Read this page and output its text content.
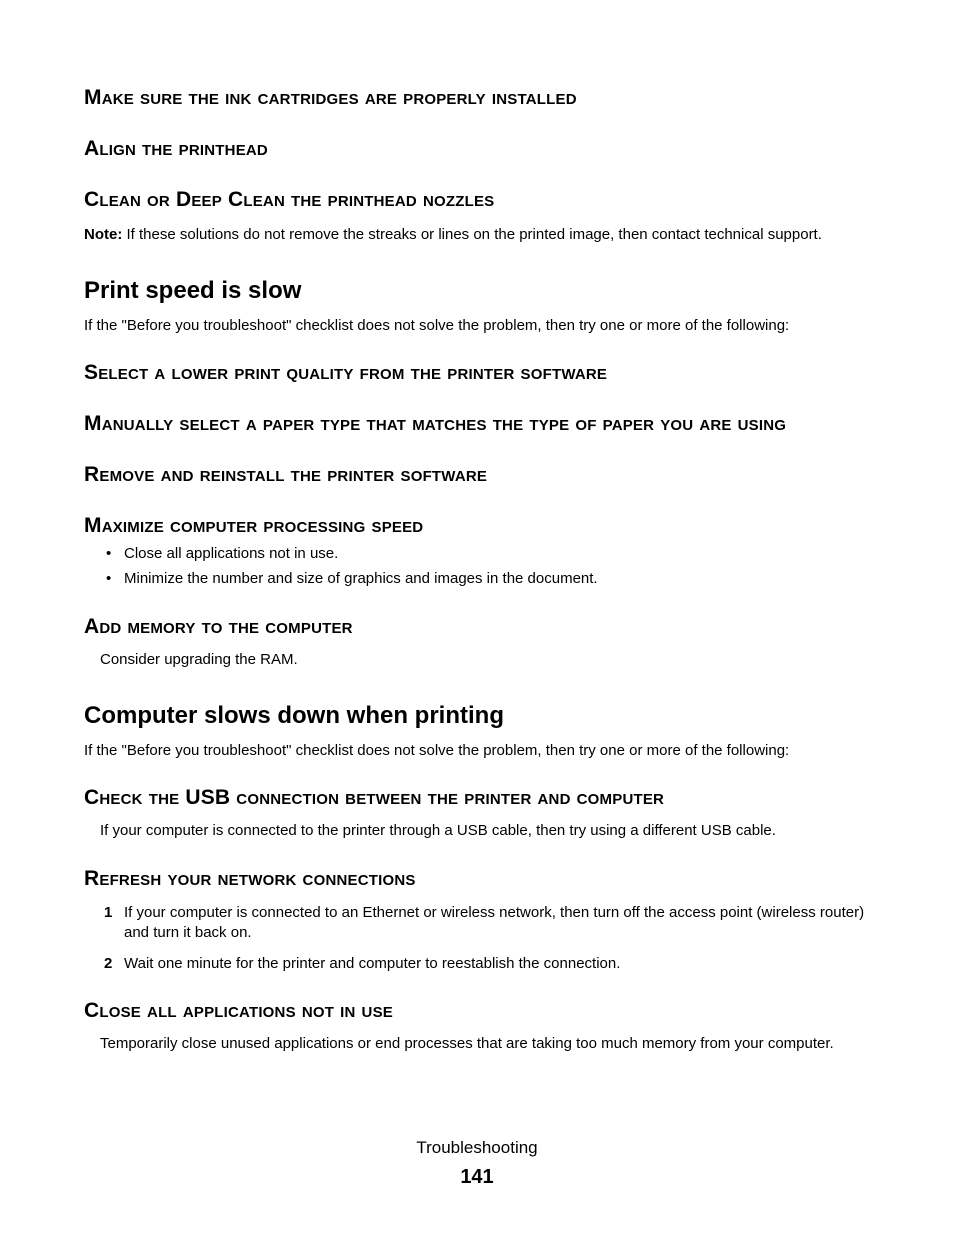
Make sure the ink cartridges are properly installed
Align the printhead
Clean or Deep Clean the printhead nozzles

Note: If these solutions do not remove the streaks or lines on the printed image, then contact technical support.

Print speed is slow

If the "Before you troubleshoot" checklist does not solve the problem, then try one or more of the following:

Select a lower print quality from the printer software
Manually select a paper type that matches the type of paper you are using
Remove and reinstall the printer software
Maximize computer processing speed
• Close all applications not in use.
• Minimize the number and size of graphics and images in the document.
Add memory to the computer

Consider upgrading the RAM.

Computer slows down when printing

If the "Before you troubleshoot" checklist does not solve the problem, then try one or more of the following:

Check the USB connection between the printer and computer

If your computer is connected to the printer through a USB cable, then try using a different USB cable.

Refresh your network connections
1 If your computer is connected to an Ethernet or wireless network, then turn off the access point (wireless router) and turn it back on.
2 Wait one minute for the printer and computer to reestablish the connection.
Close all applications not in use

Temporarily close unused applications or end processes that are taking too much memory from your computer.

Troubleshooting
141
